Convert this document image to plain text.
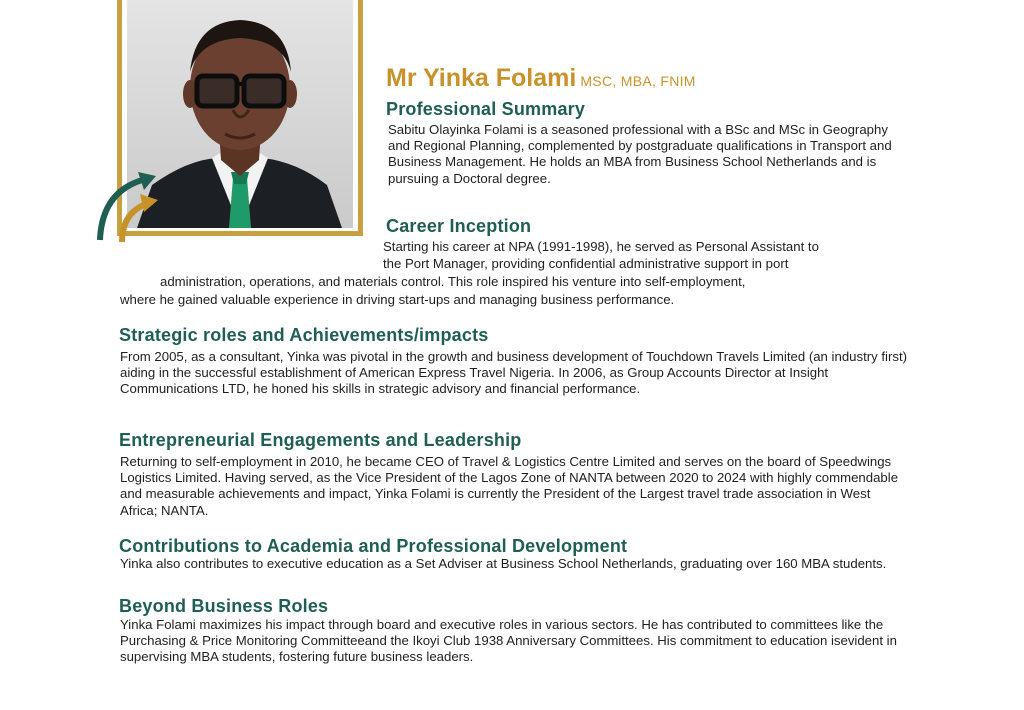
Mr Yinka Folami MSC, MBA, FNIM
Professional Summary
Sabitu Olayinka Folami is a seasoned professional with a BSc and MSc in Geography and Regional Planning, complemented by postgraduate qualifications in Transport and Business Management. He holds an MBA from Business School Netherlands and is pursuing a Doctoral degree.
Career Inception
Starting his career at NPA (1991-1998), he served as Personal Assistant to
the Port Manager, providing confidential administrative support in port
administration, operations, and materials control. This role inspired his venture into self-employment,
where he gained valuable experience in driving start-ups and managing business performance.
Strategic roles and Achievements/impacts
From 2005, as a consultant, Yinka was pivotal in the growth and business development of Touchdown Travels Limited (an industry first) aiding in the successful establishment of American Express Travel Nigeria. In 2006, as Group Accounts Director at Insight Communications LTD, he honed his skills in strategic advisory and financial performance.
Entrepreneurial Engagements and Leadership
Returning to self-employment in 2010, he became CEO of Travel & Logistics Centre Limited and serves on the board of Speedwings Logistics Limited. Having served, as the Vice President of the Lagos Zone of NANTA between 2020 to 2024 with highly commendable and measurable achievements and impact, Yinka Folami is currently the President of the Largest travel trade association in West Africa; NANTA.
Contributions to Academia and Professional Development
Yinka also contributes to executive education as a Set Adviser at Business School Netherlands, graduating over 160 MBA students.
Beyond Business Roles
Yinka Folami maximizes his impact through board and executive roles in various sectors. He has contributed to committees like the Purchasing & Price Monitoring Committeeand the Ikoyi Club 1938 Anniversary Committees. His commitment to education isevident in supervising MBA students, fostering future business leaders.
